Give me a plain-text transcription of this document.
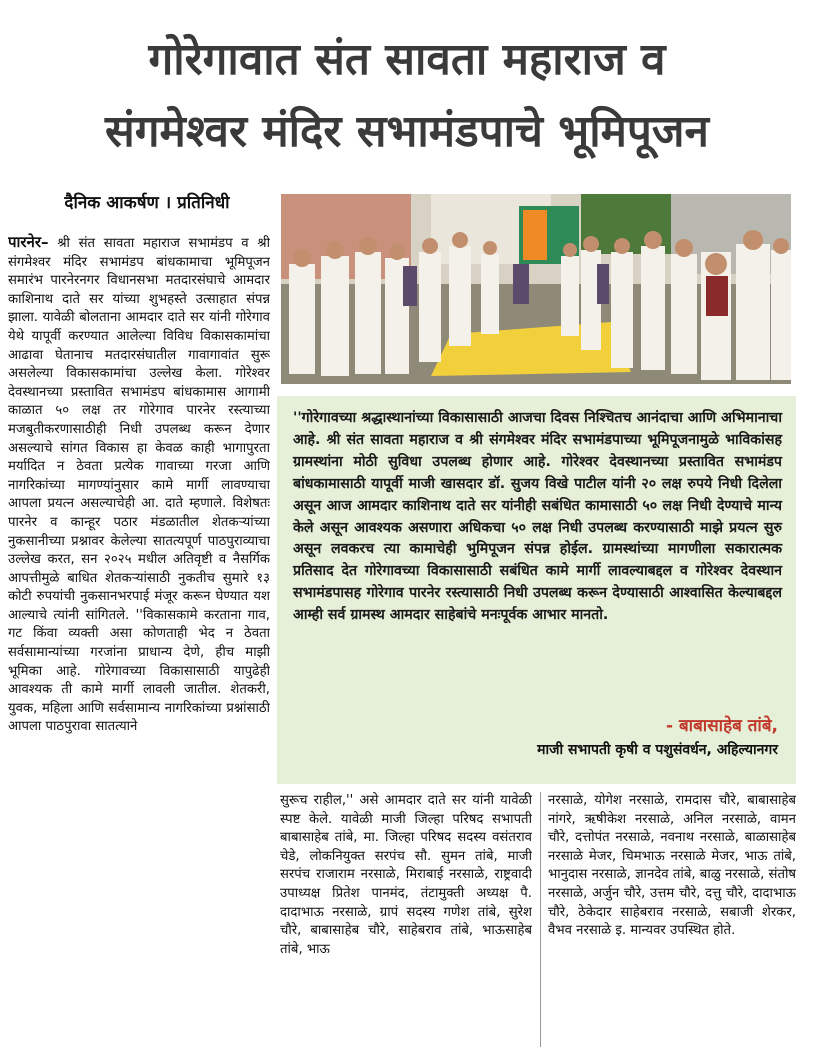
गोरेगावात संत सावता महाराज व
संगमेश्वर मंदिर सभामंडपाचे भूमिपूजन
दैनिक आकर्षण । प्रतिनिधी

पारनेर– श्री संत सावता महाराज सभामंडप व श्री संगमेश्वर मंदिर सभामंडप बांधकामाचा भूमिपूजन समारंभ पारनेरनगर विधानसभा मतदारसंघाचे आमदार काशिनाथ दाते सर यांच्या शुभहस्ते उत्साहात संपन्न झाला. यावेळी बोलताना आमदार दाते सर यांनी गोरेगाव येथे यापूर्वी करण्यात आलेल्या विविध विकासकामांचा आढावा घेतानाच मतदारसंघातील गावागावांत सुरू असलेल्या विकासकामांचा उल्लेख केला. गोरेश्वर देवस्थानच्या प्रस्तावित सभामंडप बांधकामास आगामी काळात ५० लक्ष तर गोरेगाव पारनेर रस्त्याच्या मजबुतीकरणासाठीही निधी उपलब्ध करून देणार असल्याचे सांगत विकास हा केवळ काही भागापुरता मर्यादित न ठेवता प्रत्येक गावाच्या गरजा आणि नागरिकांच्या मागण्यांनुसार कामे मार्गी लावण्याचा आपला प्रयत्न असल्याचेही आ. दाते म्हणाले. विशेषतः पारनेर व कान्हूर पठार मंडळातील शेतकऱ्यांच्या नुकसानीच्या प्रश्नावर केलेल्या सातत्यपूर्ण पाठपुराव्याचा उल्लेख करत, सन २०२५ मधील अतिवृष्टी व नैसर्गिक आपत्तीमुळे बाधित शेतकऱ्यांसाठी नुकतीच सुमारे १३ कोटी रुपयांची नुकसानभरपाई मंजूर करून घेण्यात यश आल्याचे त्यांनी सांगितले. ''विकासकामे करताना गाव, गट किंवा व्यक्ती असा कोणताही भेद न ठेवता सर्वसामान्यांच्या गरजांना प्राधान्य देणे, हीच माझी भूमिका आहे. गोरेगावच्या विकासासाठी यापुढेही आवश्यक ती कामे मार्गी लावली जातील. शेतकरी, युवक, महिला आणि सर्वसामान्य नागरिकांच्या प्रश्नांसाठी आपला पाठपुरावा सातत्याने

''गोरेगावच्या श्रद्धास्थानांच्या विकासासाठी आजचा दिवस निश्चितच आनंदाचा आणि अभिमानाचा आहे. श्री संत सावता महाराज व श्री संगमेश्वर मंदिर सभामंडपाच्या भूमिपूजनामुळे भाविकांसह ग्रामस्थांना मोठी सुविधा उपलब्ध होणार आहे. गोरेश्वर देवस्थानच्या प्रस्तावित सभामंडप बांधकामासाठी यापूर्वी माजी खासदार डॉ. सुजय विखे पाटील यांनी २० लक्ष रुपये निधी दिलेला असून आज आमदार काशिनाथ दाते सर यांनीही सबंधित कामासाठी ५० लक्ष निधी देण्याचे मान्य केले असून आवश्यक असणारा अधिकचा ५० लक्ष निधी उपलब्ध करण्यासाठी माझे प्रयत्न सुरु असून लवकरच त्या कामाचेही भुमिपूजन संपन्न होईल. ग्रामस्थांच्या मागणीला सकारात्मक प्रतिसाद देत गोरेगावच्या विकासासाठी सबंधित कामे मार्गी लावल्याबद्दल व गोरेश्वर देवस्थान सभामंडपासह गोरेगाव पारनेर रस्त्यासाठी निधी उपलब्ध करून देण्यासाठी आश्वासित केल्याबद्दल आम्ही सर्व ग्रामस्थ आमदार साहेबांचे मनःपूर्वक आभार मानतो.

- बाबासाहेब तांबे,
माजी सभापती कृषी व पशुसंवर्धन, अहिल्यानगर

सुरूच राहील,'' असे आमदार दाते सर यांनी यावेळी स्पष्ट केले. यावेळी माजी जिल्हा परिषद सभापती बाबासाहेब तांबे, मा. जिल्हा परिषद सदस्य वसंतराव चेडे, लोकनियुक्त सरपंच सौ. सुमन तांबे, माजी सरपंच राजाराम नरसाळे, मिराबाई नरसाळे, राष्ट्रवादी उपाध्यक्ष प्रितेश पानमंद, तंटामुक्ती अध्यक्ष पै. दादाभाऊ नरसाळे, ग्रापं सदस्य गणेश तांबे, सुरेश चौरे, बाबासाहेब चौरे, साहेबराव तांबे, भाऊसाहेब तांबे, भाऊ

नरसाळे, योगेश नरसाळे, रामदास चौरे, बाबासाहेब नांगरे, ऋषीकेश नरसाळे, अनिल नरसाळे, वामन चौरे, दत्तोपंत नरसाळे, नवनाथ नरसाळे, बाळासाहेब नरसाळे मेजर, चिमभाऊ नरसाळे मेजर, भाऊ तांबे, भानुदास नरसाळे, ज्ञानदेव तांबे, बाळु नरसाळे, संतोष नरसाळे, अर्जुन चौरे, उत्तम चौरे, दत्तु चौरे, दादाभाऊ चौरे, ठेकेदार साहेबराव नरसाळे, सबाजी शेरकर, वैभव नरसाळे इ. मान्यवर उपस्थित होते.
